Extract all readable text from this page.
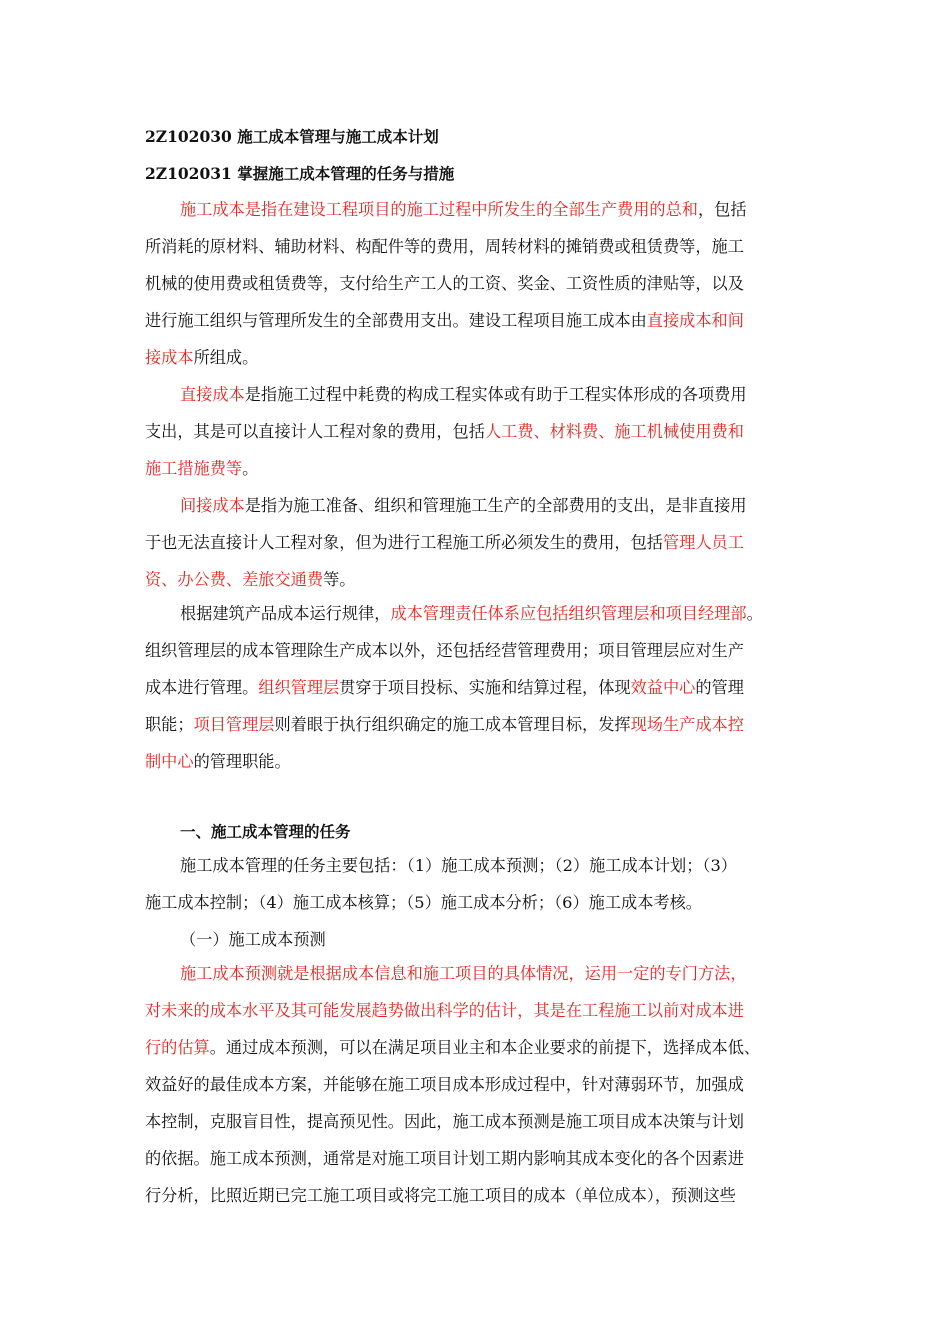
2Z102030 施工成本管理与施工成本计划
2Z102031 掌握施工成本管理的任务与措施
施工成本是指在建设工程项目的施工过程中所发生的全部生产费用的总和，包括
所消耗的原材料、辅助材料、构配件等的费用，周转材料的摊销费或租赁费等，施工
机械的使用费或租赁费等，支付给生产工人的工资、奖金、工资性质的津贴等，以及
进行施工组织与管理所发生的全部费用支出。建设工程项目施工成本由直接成本和间
接成本所组成。
直接成本是指施工过程中耗费的构成工程实体或有助于工程实体形成的各项费用
支出，其是可以直接计人工程对象的费用，包括人工费、材料费、施工机械使用费和
施工措施费等。
间接成本是指为施工准备、组织和管理施工生产的全部费用的支出，是非直接用
于也无法直接计人工程对象，但为进行工程施工所必须发生的费用，包括管理人员工
资、办公费、差旅交通费等。
根据建筑产品成本运行规律，成本管理责任体系应包括组织管理层和项目经理部。
组织管理层的成本管理除生产成本以外，还包括经营管理费用；项目管理层应对生产
成本进行管理。组织管理层贯穿于项目投标、实施和结算过程，体现效益中心的管理
职能；项目管理层则着眼于执行组织确定的施工成本管理目标，发挥现场生产成本控
制中心的管理职能。
一、施工成本管理的任务
施工成本管理的任务主要包括：（1）施工成本预测；（2）施工成本计划；（3）
施工成本控制；（4）施工成本核算；（5）施工成本分析；（6）施工成本考核。
（一）施工成本预测
施工成本预测就是根据成本信息和施工项目的具体情况，运用一定的专门方法，
对未来的成本水平及其可能发展趋势做出科学的估计，其是在工程施工以前对成本进
行的估算。通过成本预测，可以在满足项目业主和本企业要求的前提下，选择成本低、
效益好的最佳成本方案，并能够在施工项目成本形成过程中，针对薄弱环节，加强成
本控制，克服盲目性，提高预见性。因此，施工成本预测是施工项目成本决策与计划
的依据。施工成本预测，通常是对施工项目计划工期内影响其成本变化的各个因素进
行分析，比照近期已完工施工项目或将完工施工项目的成本（单位成本），预测这些
